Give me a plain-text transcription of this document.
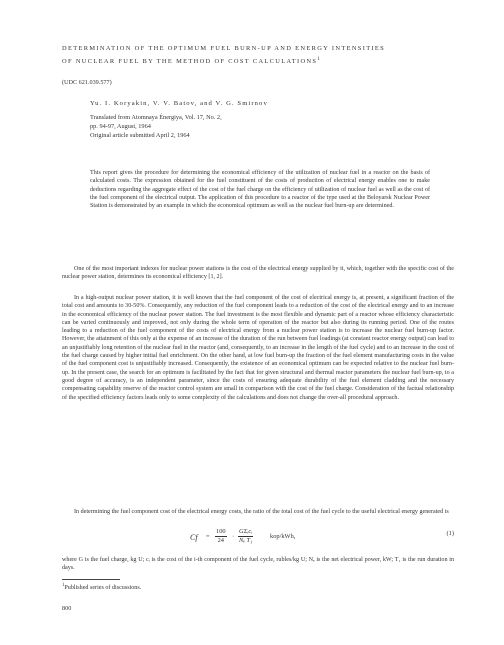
DETERMINATION OF THE OPTIMUM FUEL BURN-UP AND ENERGY INTENSITIES
OF NUCLEAR FUEL BY THE METHOD OF COST CALCULATIONS$^1$
(UDC 621.039.577)
Yu. I. Koryakin, V. V. Batov, and V. G. Smirnov
Translated from Atomnaya Énergiya, Vol. 17, No. 2,
pp. 94-97, August, 1964
Original article submitted April 2, 1964
This report gives the procedure for determining the economical efficiency of the utilization of nuclear fuel in a reactor on the basis of calculated costs. The expression obtained for the fuel constituent of the costs of production of electrical energy enables one to make deductions regarding the aggregate effect of the cost of the fuel charge on the efficiency of utilization of nuclear fuel as well as the cost of the fuel component of the electrical output. The application of this procedure to a reactor of the type used at the Beloyarsk Nuclear Power Station is demonstrated by an example in which the economical optimum as well as the nuclear fuel burn-up are determined.

One of the most important indexes for nuclear power stations is the cost of the electrical energy supplied by it, which, together with the specific cost of the nuclear power station, determines its economical efficiency [1, 2].

In a high-output nuclear power station, it is well known that the fuel component of the cost of electrical energy is, at present, a significant fraction of the total cost and amounts to 30-50%. Consequently, any reduction of the fuel component leads to a reduction of the cost of the electrical energy and to an increase in the economical efficiency of the nuclear power station. The fuel investment is the most flexible and dynamic part of a reactor whose efficiency characteristic can be varied continuously and improved, not only during the whole term of operation of the reactor but also during its running period. One of the routes leading to a reduction of the fuel component of the costs of electrical energy from a nuclear power station is to increase the nuclear fuel burn-up factor. However, the attainment of this only at the expense of an increase of the duration of the run between fuel loadings (at constant reactor energy output) can lead to an unjustifiably long retention of the nuclear fuel in the reactor (and, consequently, to an increase in the length of the fuel cycle) and to an increase in the cost of the fuel charge caused by higher initial fuel enrichment. On the other hand, at low fuel burn-up the fraction of the fuel element manufacturing costs in the value of the fuel component cost is unjustifiably increased. Consequently, the existence of an economical optimum can be expected relative to the nuclear fuel burn-up. In the present case, the search for an optimum is facilitated by the fact that for given structural and thermal reactor parameters the nuclear fuel burn-up, to a good degree of accuracy, is an independent parameter, since the costs of ensuring adequate durability of the fuel element cladding and the necessary compensating capability reserve of the reactor control system are small in comparison with the cost of the fuel charge. Consideration of the factual relationship of the specified efficiency factors leads only to some complexity of the calculations and does not change the over-all procedural approach.

In determining the fuel component cost of the electrical energy costs, the ratio of the total cost of the fuel cycle to the useful electrical energy generated is

$Cf = \frac{100}{24}$ ·
GΣᵢcᵢ
Nₑ T₁
kop/kWh,	(1)

where G is the fuel charge, kg U; cᵢ is the cost of the i-th component of the fuel cycle, rubles/kg U; Nₑ is the net electrical power, kW; T₁ is the run duration in days.

$^1$Published series of discussions.
800
